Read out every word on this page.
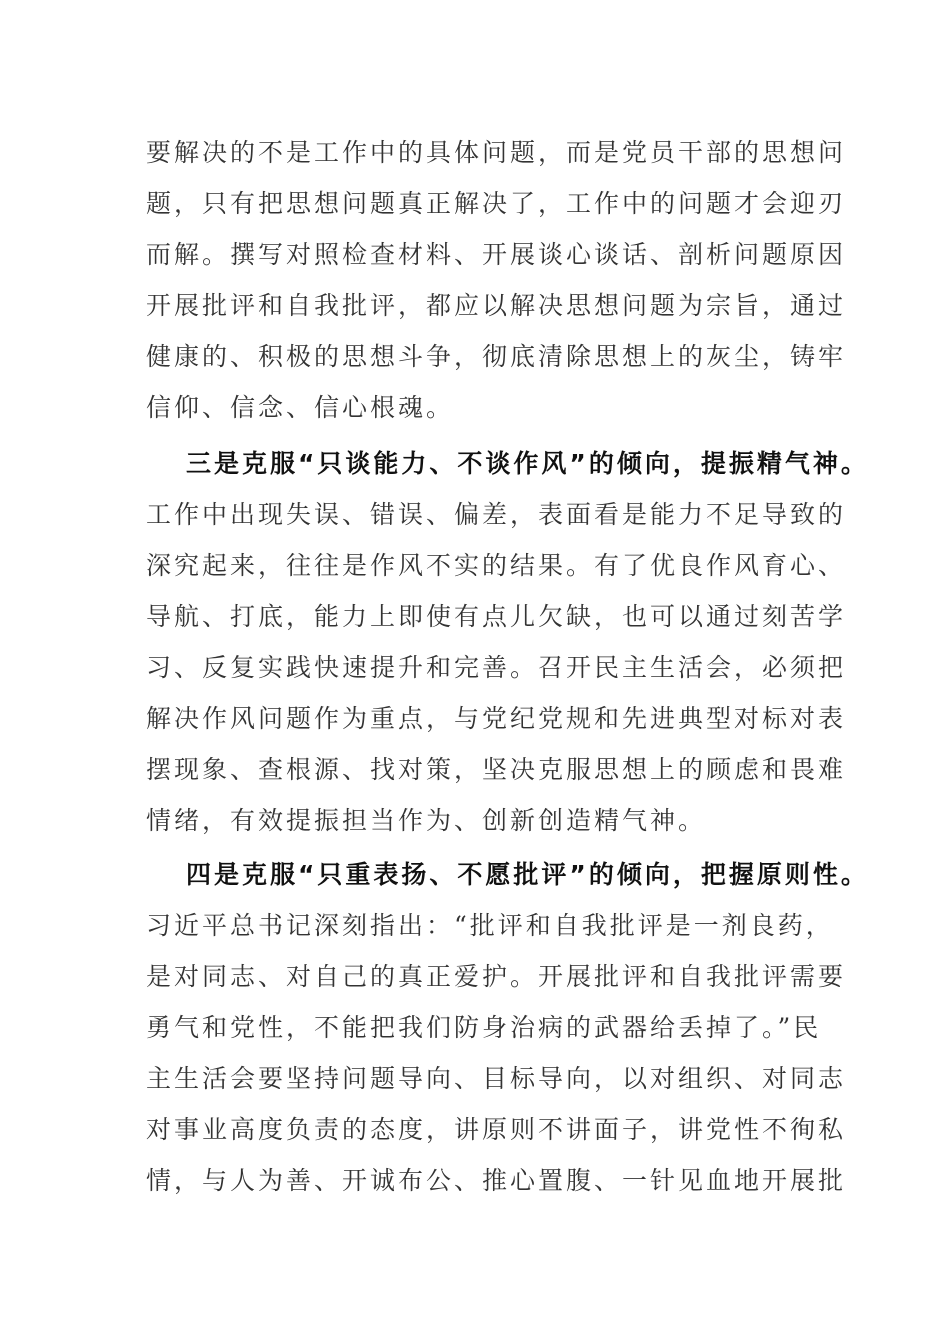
要解决的不是工作中的具体问题，而是党员干部的思想问
题，只有把思想问题真正解决了，工作中的问题才会迎刃
而解。撰写对照检查材料、开展谈心谈话、剖析问题原因
开展批评和自我批评，都应以解决思想问题为宗旨，通过
健康的、积极的思想斗争，彻底清除思想上的灰尘，铸牢
信仰、信念、信心根魂。
三是克服“只谈能力、不谈作风”的倾向，提振精气神。
工作中出现失误、错误、偏差，表面看是能力不足导致的
深究起来，往往是作风不实的结果。有了优良作风育心、
导航、打底，能力上即使有点儿欠缺，也可以通过刻苦学
习、反复实践快速提升和完善。召开民主生活会，必须把
解决作风问题作为重点，与党纪党规和先进典型对标对表
摆现象、查根源、找对策，坚决克服思想上的顾虑和畏难
情绪，有效提振担当作为、创新创造精气神。
四是克服“只重表扬、不愿批评”的倾向，把握原则性。
习近平总书记深刻指出：“批评和自我批评是一剂良药，
是对同志、对自己的真正爱护。开展批评和自我批评需要
勇气和党性，不能把我们防身治病的武器给丢掉了。”民
主生活会要坚持问题导向、目标导向，以对组织、对同志
对事业高度负责的态度，讲原则不讲面子，讲党性不徇私
情，与人为善、开诚布公、推心置腹、一针见血地开展批
